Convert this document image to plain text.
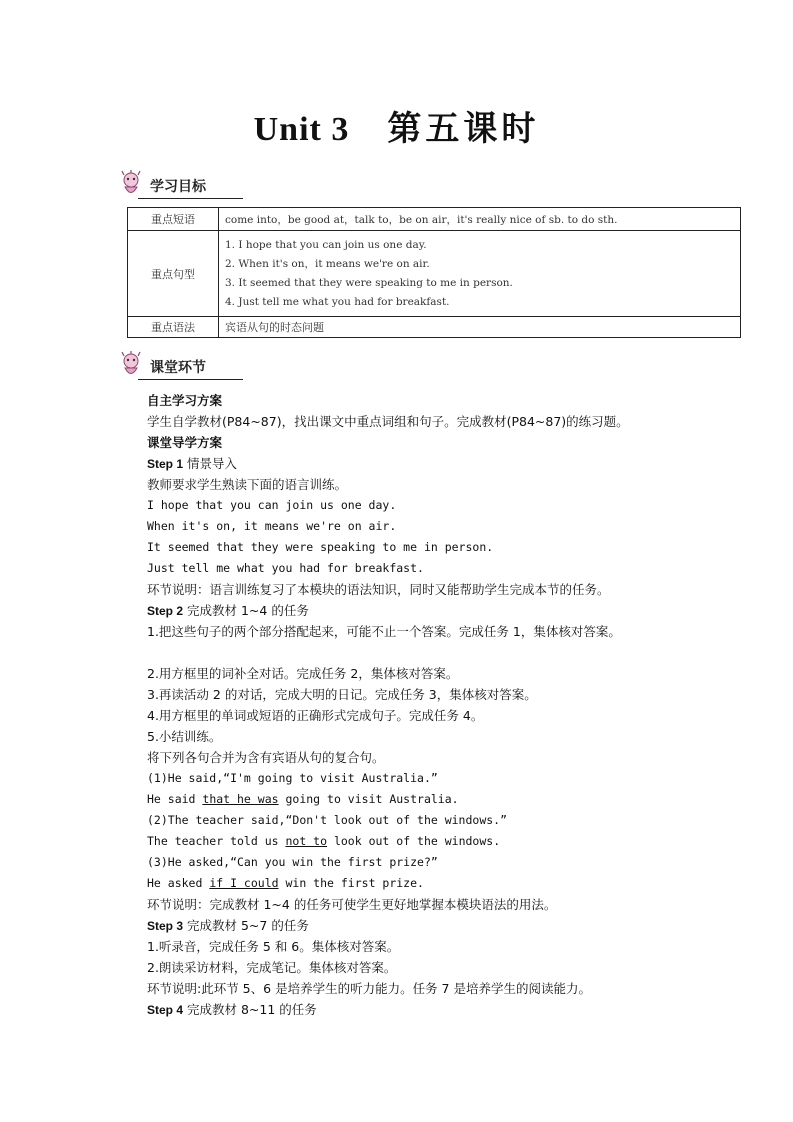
Unit 3 第五课时
学习目标
重点短语	come into，be good at，talk to，be on air，it's really nice of sb. to do sth.
重点句型	1. I hope that you can join us one day.
2. When it's on，it means we're on air.
3. It seemed that they were speaking to me in person.
4. Just tell me what you had for breakfast.

重点语法	宾语从句的时态问题
课堂环节
自主学习方案
学生自学教材(P84~87)，找出课文中重点词组和句子。完成教材(P84~87)的练习题。
课堂导学方案
Step 1 情景导入
教师要求学生熟读下面的语言训练。
I hope that you can join us one day.
When it's on, it means we're on air.
It seemed that they were speaking to me in person.
Just tell me what you had for breakfast.
环节说明：语言训练复习了本模块的语法知识，同时又能帮助学生完成本节的任务。
Step 2 完成教材 1~4 的任务
1.把这些句子的两个部分搭配起来，可能不止一个答案。完成任务 1，集体核对答案。
2.用方框里的词补全对话。完成任务 2，集体核对答案。
3.再读活动 2 的对话，完成大明的日记。完成任务 3，集体核对答案。
4.用方框里的单词或短语的正确形式完成句子。完成任务 4。
5.小结训练。
将下列各句合并为含有宾语从句的复合句。
(1)He said,“I'm going to visit Australia.”
He said that he was going to visit Australia.
(2)The teacher said,“Don't look out of the windows.”
The teacher told us not to look out of the windows.
(3)He asked,“Can you win the first prize?”
He asked if I could win the first prize.
环节说明：完成教材 1~4 的任务可使学生更好地掌握本模块语法的用法。
Step 3 完成教材 5~7 的任务
1.听录音，完成任务 5 和 6。集体核对答案。
2.朗读采访材料，完成笔记。集体核对答案。
环节说明:此环节 5、6 是培养学生的听力能力。任务 7 是培养学生的阅读能力。
Step 4 完成教材 8~11 的任务
